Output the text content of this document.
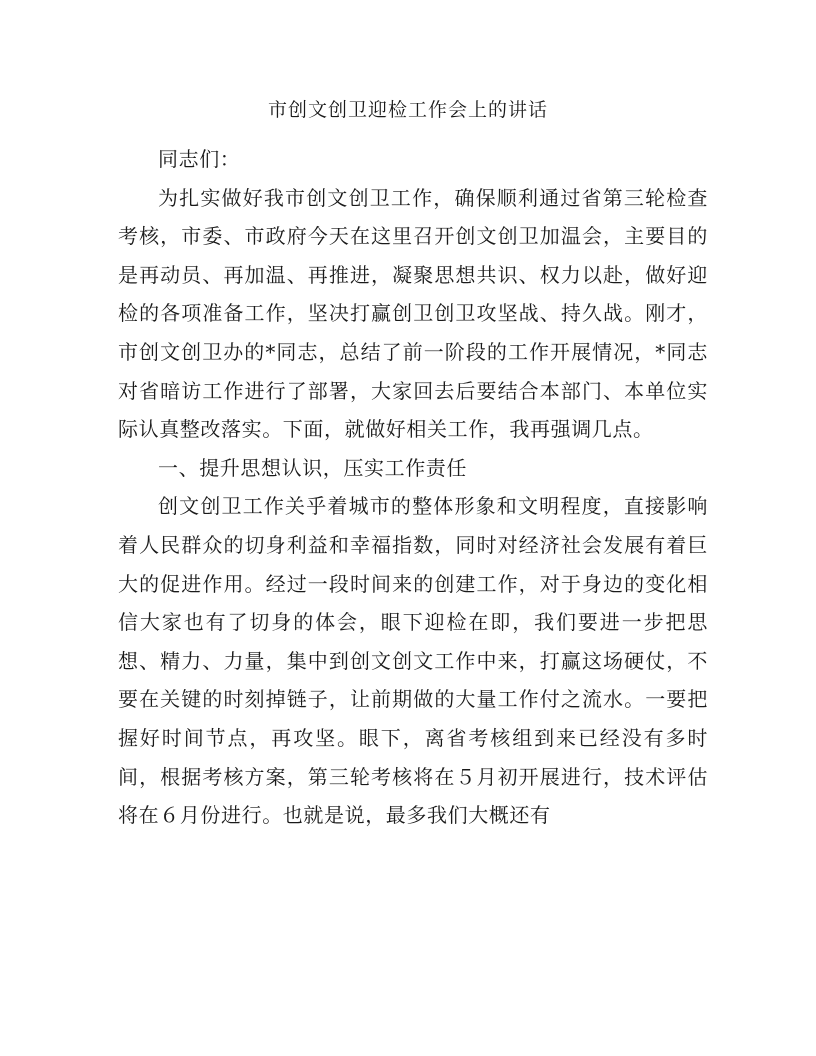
市创文创卫迎检工作会上的讲话

同志们：

为扎实做好我市创文创卫工作，确保顺利通过省第三轮检查考核，市委、市政府今天在这里召开创文创卫加温会，主要目的是再动员、再加温、再推进，凝聚思想共识、权力以赴，做好迎检的各项准备工作，坚决打赢创卫创卫攻坚战、持久战。刚才，市创文创卫办的*同志，总结了前一阶段的工作开展情况，*同志对省暗访工作进行了部署，大家回去后要结合本部门、本单位实际认真整改落实。下面，就做好相关工作，我再强调几点。

一、提升思想认识，压实工作责任

创文创卫工作关乎着城市的整体形象和文明程度，直接影响着人民群众的切身利益和幸福指数，同时对经济社会发展有着巨大的促进作用。经过一段时间来的创建工作，对于身边的变化相信大家也有了切身的体会，眼下迎检在即，我们要进一步把思想、精力、力量，集中到创文创文工作中来，打赢这场硬仗，不要在关键的时刻掉链子，让前期做的大量工作付之流水。一要把握好时间节点，再攻坚。眼下，离省考核组到来已经没有多时间，根据考核方案，第三轮考核将在５月初开展进行，技术评估将在６月份进行。也就是说，最多我们大概还有
